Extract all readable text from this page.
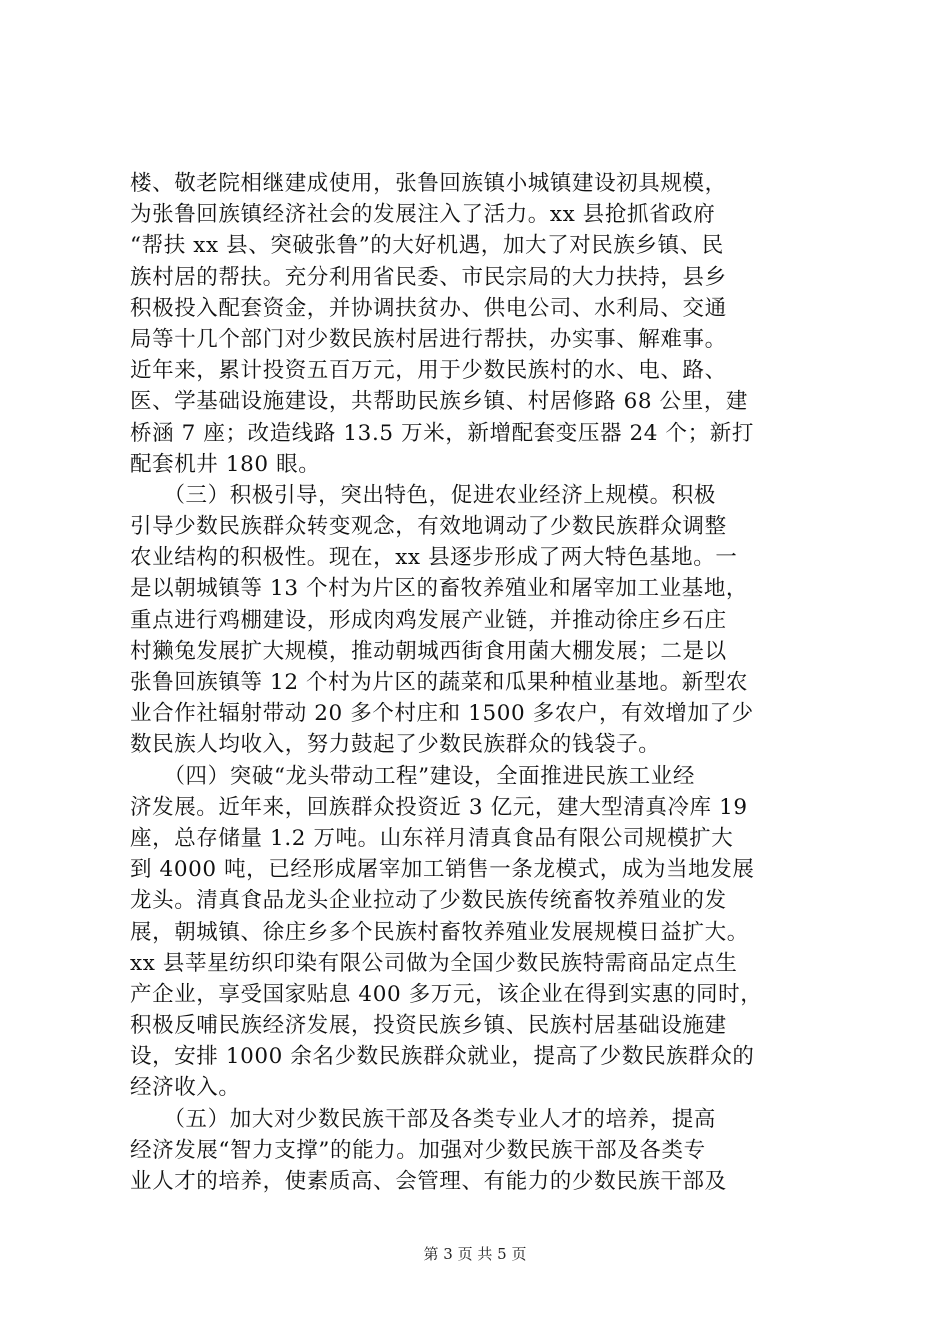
楼、敬老院相继建成使用，张鲁回族镇小城镇建设初具规模，
为张鲁回族镇经济社会的发展注入了活力。xx 县抢抓省政府
“帮扶 xx 县、突破张鲁”的大好机遇，加大了对民族乡镇、民
族村居的帮扶。充分利用省民委、市民宗局的大力扶持，县乡
积极投入配套资金，并协调扶贫办、供电公司、水利局、交通
局等十几个部门对少数民族村居进行帮扶，办实事、解难事。
近年来，累计投资五百万元，用于少数民族村的水、电、路、
医、学基础设施建设，共帮助民族乡镇、村居修路 68 公里，建
桥涵 7 座；改造线路 13.5 万米，新增配套变压器 24 个；新打
配套机井 180 眼。
　　（三）积极引导，突出特色，促进农业经济上规模。积极
引导少数民族群众转变观念，有效地调动了少数民族群众调整
农业结构的积极性。现在，xx 县逐步形成了两大特色基地。一
是以朝城镇等 13 个村为片区的畜牧养殖业和屠宰加工业基地，
重点进行鸡棚建设，形成肉鸡发展产业链，并推动徐庄乡石庄
村獭兔发展扩大规模，推动朝城西街食用菌大棚发展；二是以
张鲁回族镇等 12 个村为片区的蔬菜和瓜果种植业基地。新型农
业合作社辐射带动 20 多个村庄和 1500 多农户，有效增加了少
数民族人均收入，努力鼓起了少数民族群众的钱袋子。
　　（四）突破“龙头带动工程”建设，全面推进民族工业经
济发展。近年来，回族群众投资近 3 亿元，建大型清真冷库 19
座，总存储量 1.2 万吨。山东祥月清真食品有限公司规模扩大
到 4000 吨，已经形成屠宰加工销售一条龙模式，成为当地发展
龙头。清真食品龙头企业拉动了少数民族传统畜牧养殖业的发
展，朝城镇、徐庄乡多个民族村畜牧养殖业发展规模日益扩大。
xx 县莘星纺织印染有限公司做为全国少数民族特需商品定点生
产企业，享受国家贴息 400 多万元，该企业在得到实惠的同时，
积极反哺民族经济发展，投资民族乡镇、民族村居基础设施建
设，安排 1000 余名少数民族群众就业，提高了少数民族群众的
经济收入。
　　（五）加大对少数民族干部及各类专业人才的培养，提高
经济发展“智力支撑”的能力。加强对少数民族干部及各类专
业人才的培养，使素质高、会管理、有能力的少数民族干部及
第 3 页 共 5 页
